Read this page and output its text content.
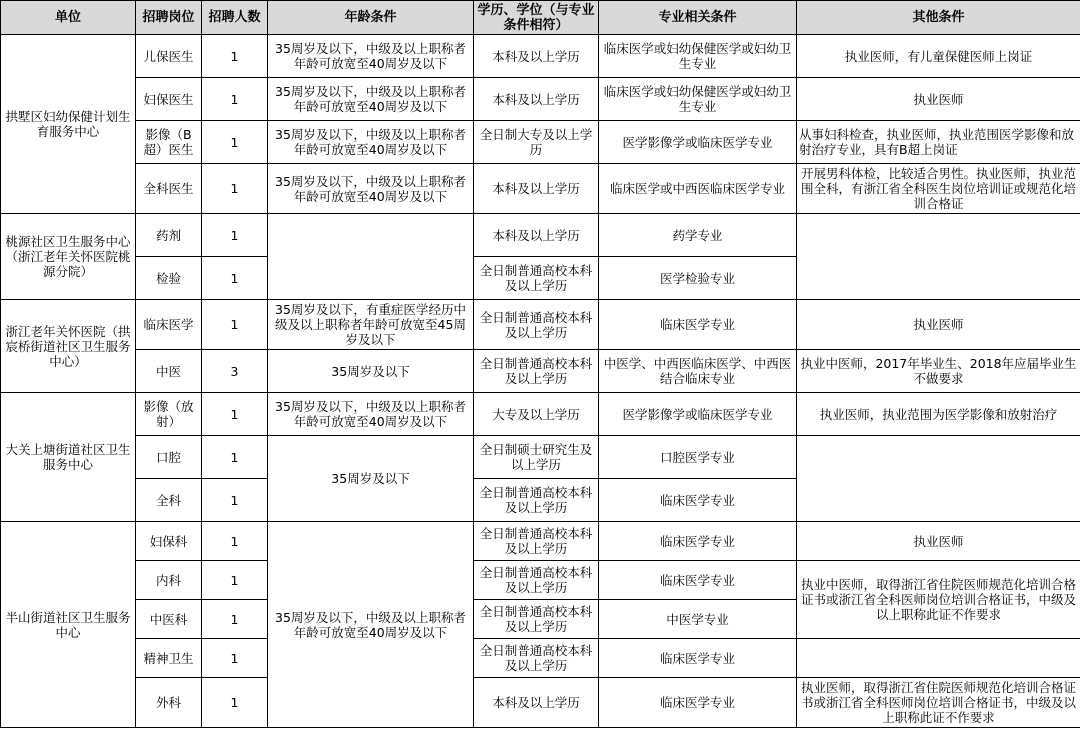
单位	招聘岗位	招聘人数	年龄条件	学历、学位（与专业条件相符）	专业相关条件	其他条件
拱墅区妇幼保健计划生育服务中心	儿保医生	1	35周岁及以下，中级及以上职称者年龄可放宽至40周岁及以下	本科及以上学历	临床医学或妇幼保健医学或妇幼卫生专业	执业医师，有儿童保健医师上岗证
	妇保医生	1	35周岁及以下，中级及以上职称者年龄可放宽至40周岁及以下	本科及以上学历	临床医学或妇幼保健医学或妇幼卫生专业	执业医师
	影像（B超）医生	1	35周岁及以下，中级及以上职称者年龄可放宽至40周岁及以下	全日制大专及以上学历	医学影像学或临床医学专业	从事妇科检查，执业医师，执业范围医学影像和放射治疗专业，具有B超上岗证
	全科医生	1	35周岁及以下，中级及以上职称者年龄可放宽至40周岁及以下	本科及以上学历	临床医学或中西医临床医学专业	开展男科体检，比较适合男性。执业医师，执业范围全科，有浙江省全科医生岗位培训证或规范化培训合格证
桃源社区卫生服务中心（浙江老年关怀医院桃源分院）	药剂	1		本科及以上学历	药学专业	
	检验	1		全日制普通高校本科及以上学历	医学检验专业	
浙江老年关怀医院（拱宸桥街道社区卫生服务中心）	临床医学	1	35周岁及以下，有重症医学经历中级及以上职称者年龄可放宽至45周岁及以下	全日制普通高校本科及以上学历	临床医学专业	执业医师
	中医	3	35周岁及以下	全日制普通高校本科及以上学历	中医学、中西医临床医学、中西医结合临床专业	执业中医师，2017年毕业生、2018年应届毕业生不做要求
大关上塘街道社区卫生服务中心	影像（放射）	1	35周岁及以下，中级及以上职称者年龄可放宽至40周岁及以下	大专及以上学历	医学影像学或临床医学专业	执业医师，执业范围为医学影像和放射治疗
	口腔	1	35周岁及以下	全日制硕士研究生及以上学历	口腔医学专业	
	全科	1		全日制普通高校本科及以上学历	临床医学专业	
半山街道社区卫生服务中心	妇保科	1	35周岁及以下，中级及以上职称者年龄可放宽至40周岁及以下	全日制普通高校本科及以上学历	临床医学专业	执业医师
	内科	1		全日制普通高校本科及以上学历	临床医学专业	执业中医师，取得浙江省住院医师规范化培训合格证书或浙江省全科医师岗位培训合格证书，中级及以上职称此证不作要求
	中医科	1		全日制普通高校本科及以上学历	中医学专业	
	精神卫生	1		全日制普通高校本科及以上学历	临床医学专业	
	外科	1		本科及以上学历	临床医学专业	执业医师，取得浙江省住院医师规范化培训合格证书或浙江省全科医师岗位培训合格证书，中级及以上职称此证不作要求
